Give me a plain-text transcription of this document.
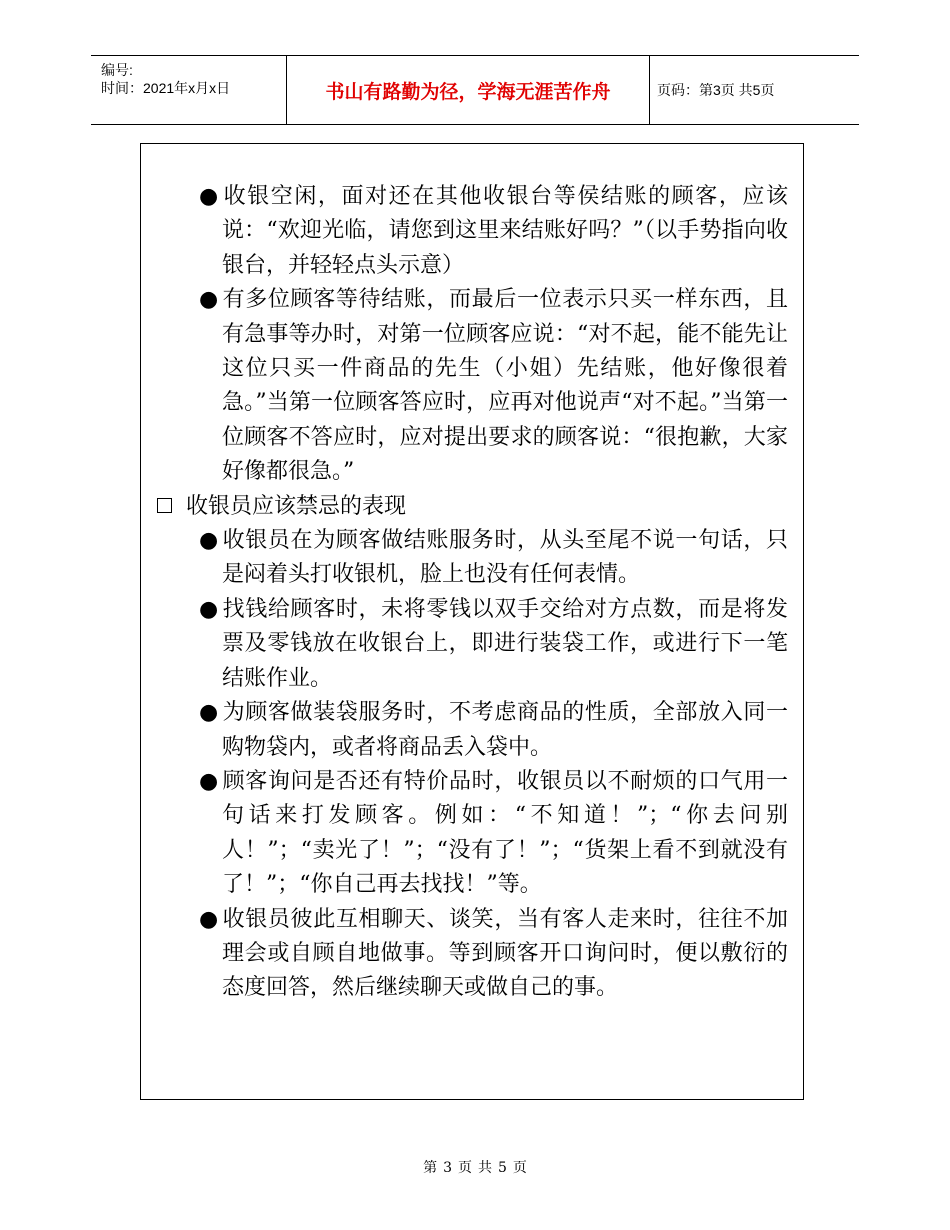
编号:
时间：2021年x月x日	书山有路勤为径，学海无涯苦作舟	页码：第3页 共5页
● 收银空闲，面对还在其他收银台等侯结账的顾客，应该说：“欢迎光临，请您到这里来结账好吗？”（以手势指向收银台，并轻轻点头示意）
● 有多位顾客等待结账，而最后一位表示只买一样东西，且有急事等办时，对第一位顾客应说：“对不起，能不能先让这位只买一件商品的先生（小姐）先结账，他好像很着急。”当第一位顾客答应时，应再对他说声“对不起。”当第一位顾客不答应时，应对提出要求的顾客说：“很抱歉，大家好像都很急。”
收银员应该禁忌的表现
● 收银员在为顾客做结账服务时，从头至尾不说一句话，只是闷着头打收银机，脸上也没有任何表情。
● 找钱给顾客时，未将零钱以双手交给对方点数，而是将发票及零钱放在收银台上，即进行装袋工作，或进行下一笔结账作业。
● 为顾客做装袋服务时，不考虑商品的性质，全部放入同一购物袋内，或者将商品丢入袋中。
● 顾客询问是否还有特价品时，收银员以不耐烦的口气用一句话来打发顾客。例如：“不知道！”；“你去问别人！”；“卖光了！”；“没有了！”；“货架上看不到就没有了！”；“你自己再去找找！”等。
● 收银员彼此互相聊天、谈笑，当有客人走来时，往往不加理会或自顾自地做事。等到顾客开口询问时，便以敷衍的态度回答，然后继续聊天或做自己的事。
第 3 页 共 5 页
